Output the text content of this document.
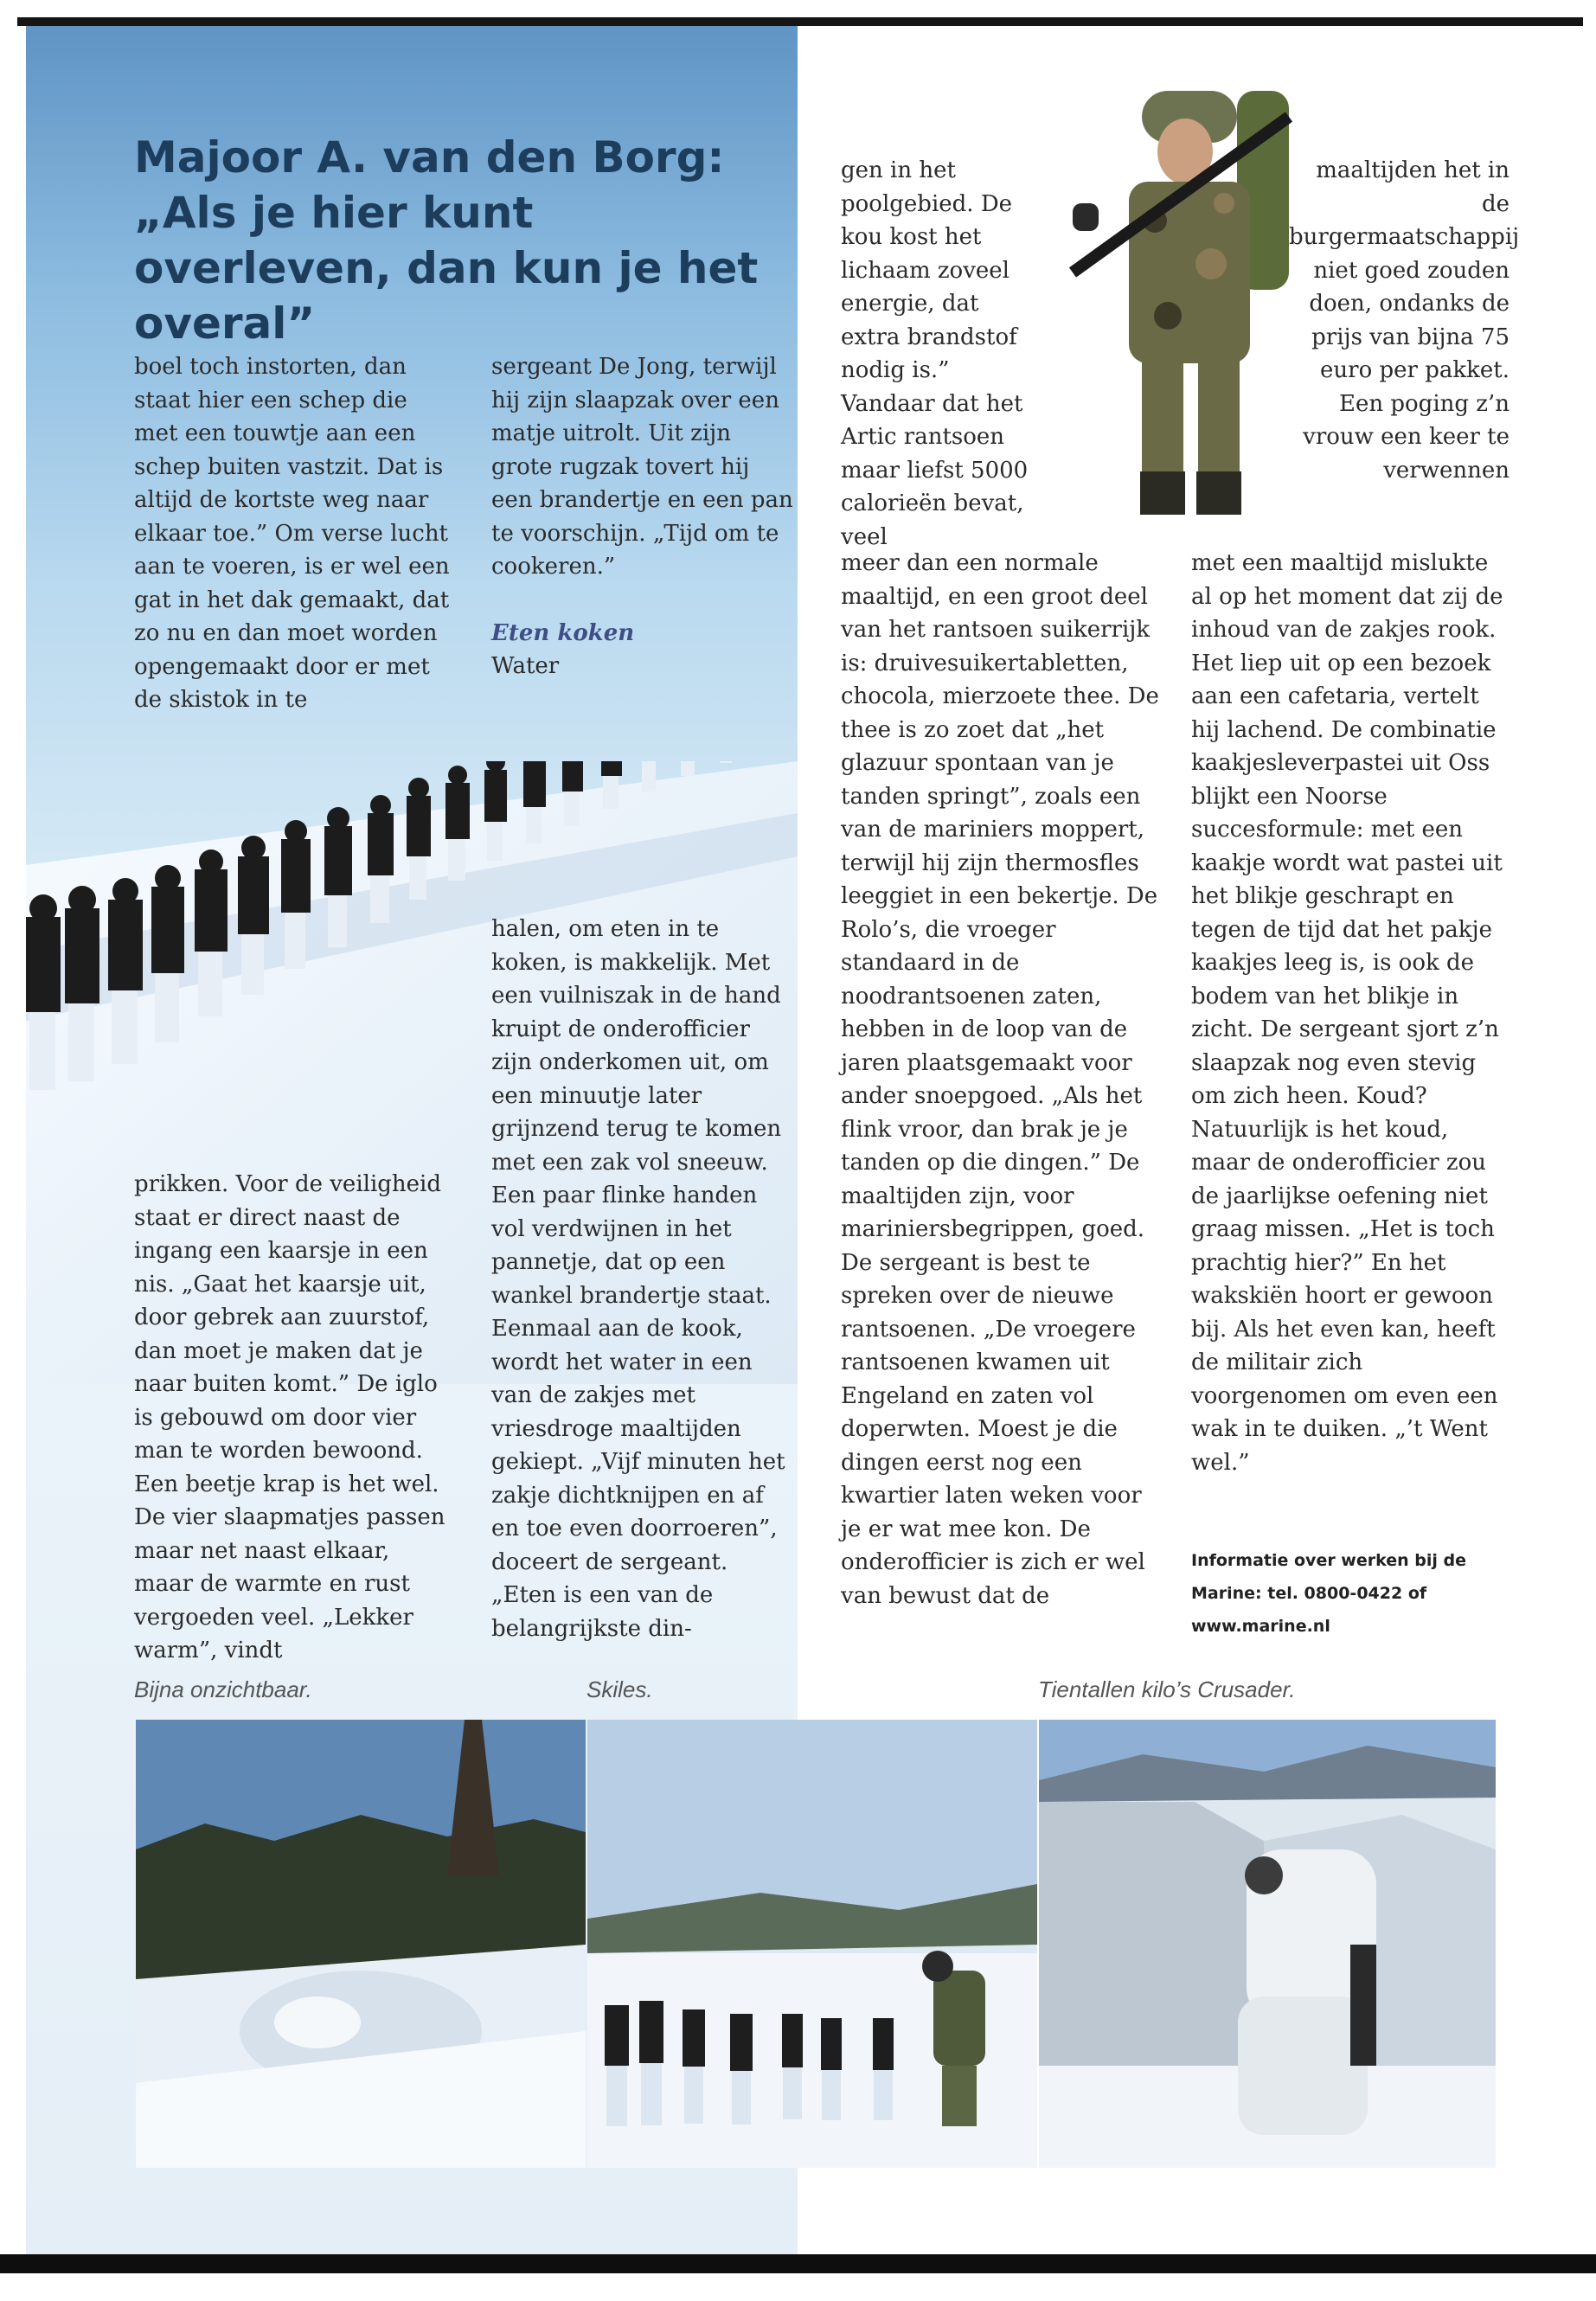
Majoor A. van den Borg: „Als je hier kunt overleven, dan kun je het overal”

boel toch instorten, dan staat hier een schep die met een touwtje aan een schep buiten vastzit. Dat is altijd de kortste weg naar elkaar toe.” Om verse lucht aan te voeren, is er wel een gat in het dak gemaakt, dat zo nu en dan moet worden opengemaakt door er met de skistok in te

prikken. Voor de veiligheid staat er direct naast de ingang een kaarsje in een nis. „Gaat het kaarsje uit, door gebrek aan zuurstof, dan moet je maken dat je naar buiten komt.” De iglo is gebouwd om door vier man te worden bewoond. Een beetje krap is het wel. De vier slaapmatjes passen maar net naast elkaar, maar de warmte en rust vergoeden veel. „Lekker warm”, vindt

sergeant De Jong, terwijl hij zijn slaapzak over een matje uitrolt. Uit zijn grote rugzak tovert hij een brandertje en een pan te voorschijn. „Tijd om te cookeren.”

Eten koken

Water

halen, om eten in te koken, is makkelijk. Met een vuilniszak in de hand kruipt de onderofficier zijn onderkomen uit, om een minuutje later grijnzend terug te komen met een zak vol sneeuw. Een paar flinke handen vol verdwijnen in het pannetje, dat op een wankel brandertje staat. Eenmaal aan de kook, wordt het water in een van de zakjes met vriesdroge maaltijden gekiept. „Vijf minuten het zakje dichtknijpen en af en toe even doorroeren”, doceert de sergeant. „Eten is een van de belangrijkste din-

gen in het poolgebied. De kou kost het lichaam zoveel energie, dat extra brandstof nodig is.” Vandaar dat het Artic rantsoen maar liefst 5000 calorieën bevat, veel

meer dan een normale maaltijd, en een groot deel van het rantsoen suikerrijk is: druivesuikertabletten, chocola, mierzoete thee. De thee is zo zoet dat „het glazuur spontaan van je tanden springt”, zoals een van de mariniers moppert, terwijl hij zijn thermosfles leeggiet in een bekertje. De Rolo’s, die vroeger standaard in de noodrantsoenen zaten, hebben in de loop van de jaren plaatsgemaakt voor ander snoepgoed. „Als het flink vroor, dan brak je je tanden op die dingen.” De maaltijden zijn, voor mariniersbegrippen, goed. De sergeant is best te spreken over de nieuwe rantsoenen. „De vroegere rantsoenen kwamen uit Engeland en zaten vol doperwten. Moest je die dingen eerst nog een kwartier laten weken voor je er wat mee kon. De onderofficier is zich er wel van bewust dat de

maaltijden het in de burgermaatschappij niet goed zouden doen, ondanks de prijs van bijna 75 euro per pakket. Een poging z’n vrouw een keer te verwennen

met een maaltijd mislukte al op het moment dat zij de inhoud van de zakjes rook. Het liep uit op een bezoek aan een cafetaria, vertelt hij lachend. De combinatie kaakjesleverpastei uit Oss blijkt een Noorse succesformule: met een kaakje wordt wat pastei uit het blikje geschrapt en tegen de tijd dat het pakje kaakjes leeg is, is ook de bodem van het blikje in zicht. De sergeant sjort z’n slaapzak nog even stevig om zich heen. Koud? Natuurlijk is het koud, maar de onderofficier zou de jaarlijkse oefening niet graag missen. „Het is toch prachtig hier?” En het wakskiën hoort er gewoon bij. Als het even kan, heeft de militair zich voorgenomen om even een wak in te duiken. „’t Went wel.”

Informatie over werken bij de Marine: tel. 0800-0422 of www.marine.nl
Bijna onzichtbaar.	Skiles.	Tientallen kilo’s Crusader.
